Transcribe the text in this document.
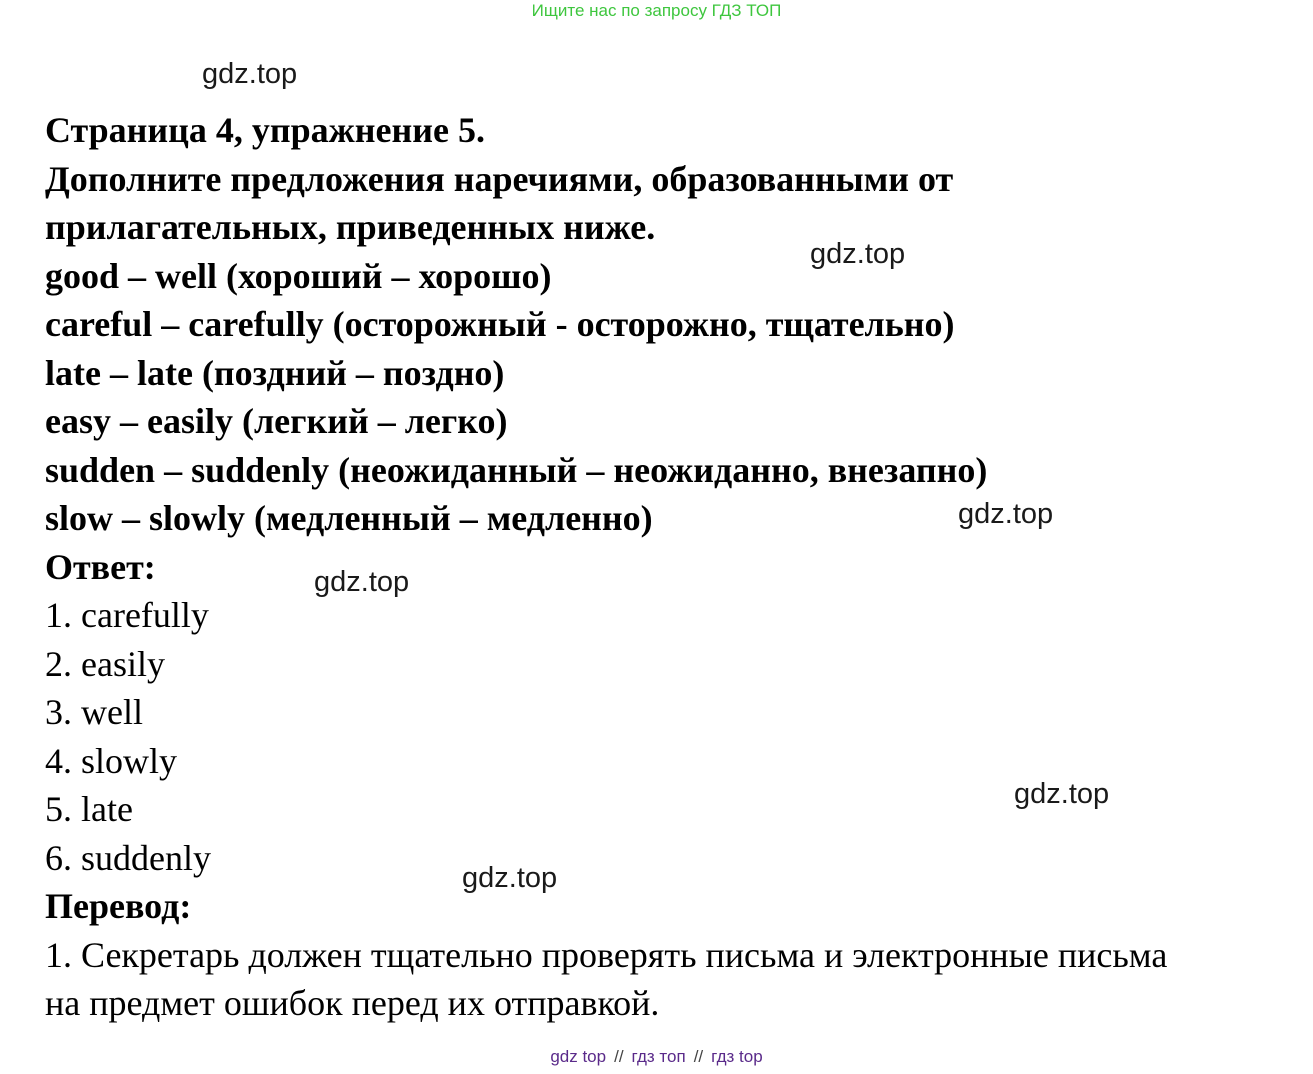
Ищите нас по запросу ГДЗ ТОП
gdz.top
gdz.top
gdz.top
gdz.top
gdz.top
gdz.top
Страница 4, упражнение 5.
Дополните предложения наречиями, образованными от
прилагательных, приведенных ниже.
good – well (хороший – хорошо)
careful – carefully (осторожный - осторожно, тщательно)
late – late (поздний – поздно)
easy – easily (легкий – легко)
sudden – suddenly (неожиданный – неожиданно, внезапно)
slow – slowly (медленный – медленно)
Ответ:
1. carefully
2. easily
3. well
4. slowly
5. late
6. suddenly
Перевод:
1. Секретарь должен тщательно проверять письма и электронные письма
на предмет ошибок перед их отправкой.
gdz top // гдз топ // гдз top
